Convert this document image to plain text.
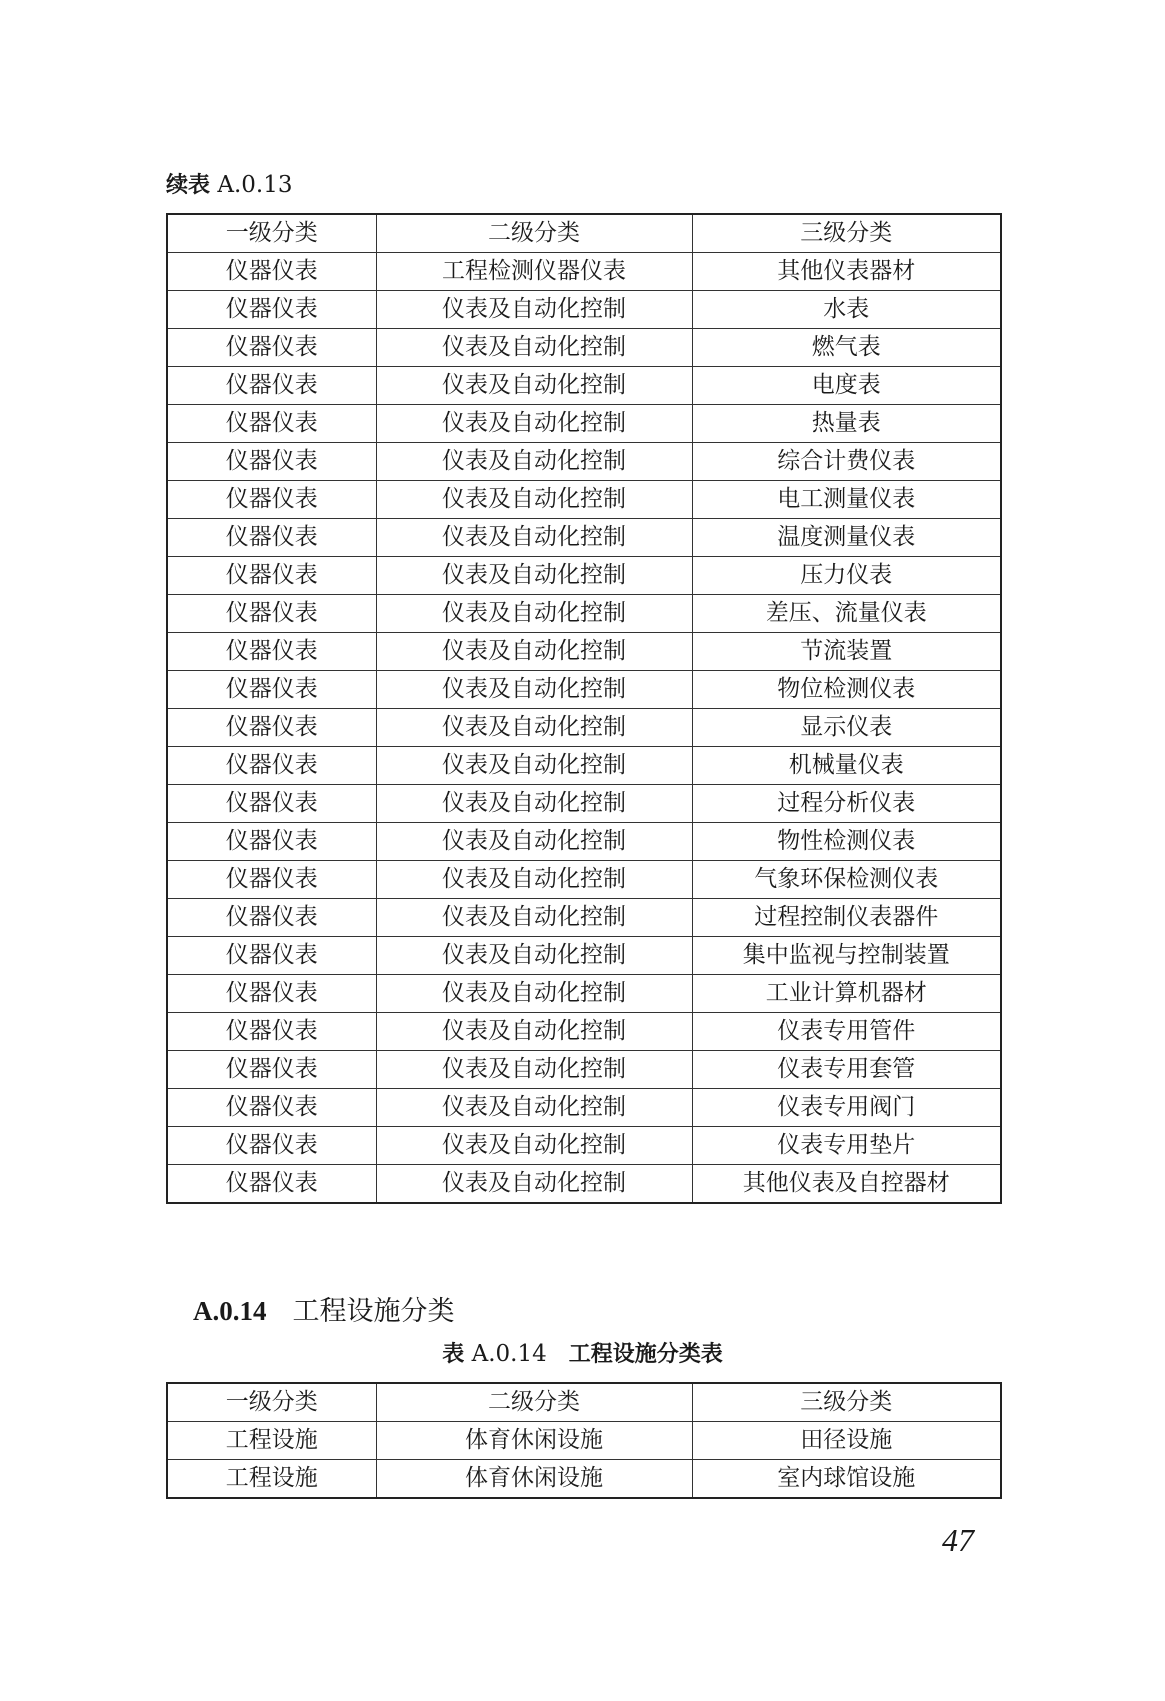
续表 A.0.13
一级分类	二级分类	三级分类
仪器仪表	工程检测仪器仪表	其他仪表器材
仪器仪表	仪表及自动化控制	水表
仪器仪表	仪表及自动化控制	燃气表
仪器仪表	仪表及自动化控制	电度表
仪器仪表	仪表及自动化控制	热量表
仪器仪表	仪表及自动化控制	综合计费仪表
仪器仪表	仪表及自动化控制	电工测量仪表
仪器仪表	仪表及自动化控制	温度测量仪表
仪器仪表	仪表及自动化控制	压力仪表
仪器仪表	仪表及自动化控制	差压、流量仪表
仪器仪表	仪表及自动化控制	节流装置
仪器仪表	仪表及自动化控制	物位检测仪表
仪器仪表	仪表及自动化控制	显示仪表
仪器仪表	仪表及自动化控制	机械量仪表
仪器仪表	仪表及自动化控制	过程分析仪表
仪器仪表	仪表及自动化控制	物性检测仪表
仪器仪表	仪表及自动化控制	气象环保检测仪表
仪器仪表	仪表及自动化控制	过程控制仪表器件
仪器仪表	仪表及自动化控制	集中监视与控制装置
仪器仪表	仪表及自动化控制	工业计算机器材
仪器仪表	仪表及自动化控制	仪表专用管件
仪器仪表	仪表及自动化控制	仪表专用套管
仪器仪表	仪表及自动化控制	仪表专用阀门
仪器仪表	仪表及自动化控制	仪表专用垫片
仪器仪表	仪表及自动化控制	其他仪表及自控器材
A.0.14 工程设施分类
表 A.0.14 工程设施分类表
一级分类	二级分类	三级分类
工程设施	体育休闲设施	田径设施
工程设施	体育休闲设施	室内球馆设施
47
